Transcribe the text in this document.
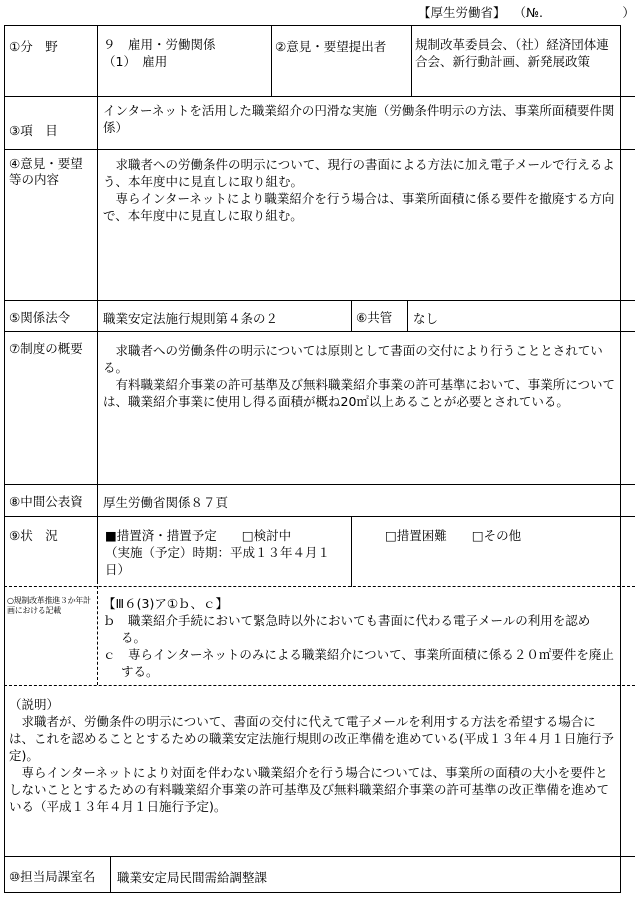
【厚生労働省】 （№.	）
①分　野	９　雇用・労働関係
（1）　雇用
②意見・要望提出者	規制改革委員会、（社）経済団体連合会、新行動計画、新発展政策
③項　目
インターネットを活用した職業紹介の円滑な実施（労働条件明示の方法、事業所面積要件関係）
④意見・要望等の内容
求職者への労働条件の明示について、現行の書面による方法に加え電子メールで行えるよう、本年度中に見直しに取り組む。
専らインターネットにより職業紹介を行う場合は、事業所面積に係る要件を撤廃する方向で、本年度中に見直しに取り組む。
⑤関係法令	職業安定法施行規則第４条の２	⑥共管	なし
⑦制度の概要	求職者への労働条件の明示については原則として書面の交付により行うこととされている。
有料職業紹介事業の許可基準及び無料職業紹介事業の許可基準において、事業所については、職業紹介事業に使用し得る面積が概ね20㎡以上あることが必要とされている。
⑧中間公表資	厚生労働省関係８７頁
⑨状　況	■措置済・措置予定　　 □検討中
（実施（予定）時期：平成１３年４月１日）
□措置困難　　 □その他
○規制改革推進３か年計画における記載	【Ⅲ６(3)ア①ｂ、ｃ】
ｂ　職業紹介手続において緊急時以外においても書面に代わる電子メールの利用を認める。
ｃ　専らインターネットのみによる職業紹介について、事業所面積に係る２０㎡要件を廃止する。
（説明）
求職者が、労働条件の明示について、書面の交付に代えて電子メールを利用する方法を希望する場合には、これを認めることとするための職業安定法施行規則の改正準備を進めている(平成１３年４月１日施行予定)。
専らインターネットにより対面を伴わない職業紹介を行う場合については、事業所の面積の大小を要件としないこととするための有料職業紹介事業の許可基準及び無料職業紹介事業の許可基準の改正準備を進めている（平成１３年４月１日施行予定)。
⑩担当局課室名	職業安定局民間需給調整課
